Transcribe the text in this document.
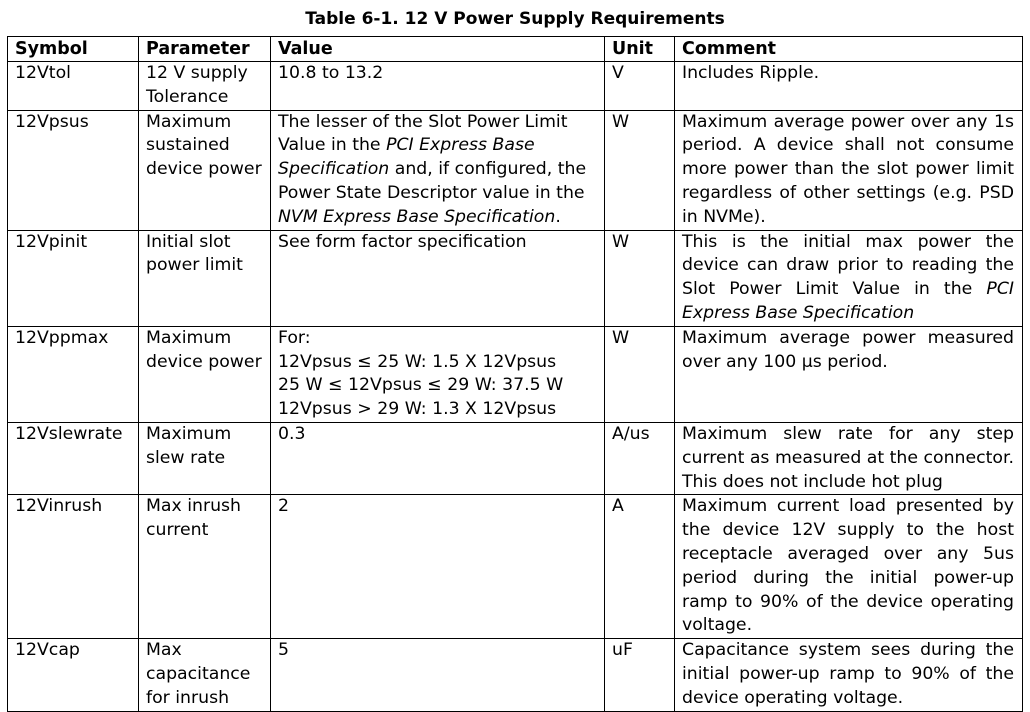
Table 6-1. 12 V Power Supply Requirements
Symbol	Parameter	Value	Unit	Comment
12Vtol	12 V supply Tolerance	10.8 to 13.2	V	Includes Ripple.
12Vpsus	Maximum sustained device power	The lesser of the Slot Power Limit Value in the PCI Express Base Specification and, if configured, the Power State Descriptor value in the NVM Express Base Specification.	W	Maximum average power over any 1s period. A device shall not consume more power than the slot power limit regardless of other settings (e.g. PSD in NVMe).
12Vpinit	Initial slot power limit	See form factor specification	W	This is the initial max power the device can draw prior to reading the Slot Power Limit Value in the PCI Express Base Specification
12Vppmax	Maximum device power	For:
12Vpsus ≤ 25 W: 1.5 X 12Vpsus
25 W ≤ 12Vpsus ≤ 29 W: 37.5 W
12Vpsus > 29 W: 1.3 X 12Vpsus	W	Maximum average power measured over any 100 µs period.
12Vslewrate	Maximum slew rate	0.3	A/us	Maximum slew rate for any step current as measured at the connector. This does not include hot plug
12Vinrush	Max inrush current	2	A	Maximum current load presented by the device 12V supply to the host receptacle averaged over any 5us period during the initial power-up ramp to 90% of the device operating voltage.
12Vcap	Max capacitance for inrush	5	uF	Capacitance system sees during the initial power-up ramp to 90% of the device operating voltage.
